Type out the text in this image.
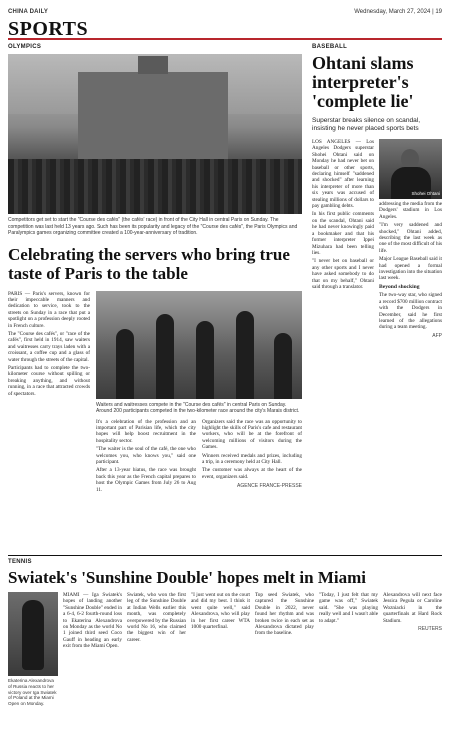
CHINA DAILY	Wednesday, March 27, 2024 | 19
SPORTS
OLYMPICS
Competitors get set to start the "Course des cafés" (the cafés' race) in front of the City Hall in central Paris on Sunday. The competition was last held 13 years ago. Such has been its popularity and legacy of the "Course des cafés", the Paris Olympics and Paralympics games organizing committee created a 100-year-anniversary of tradition.
Celebrating the servers who bring true taste of Paris to the table

PARIS — Paris's servers, known for their impeccable manners and dedication to service, took to the streets on Sunday in a race that put a spotlight on a profession deeply rooted in French culture.

The "Course des cafés", or "race of the cafés", first held in 1914, saw waiters and waitresses carry trays laden with a croissant, a coffee cup and a glass of water through the streets of the capital.

Participants had to complete the two-kilometer course without spilling or breaking anything, and without running, in a race that attracted crowds of spectators.

Waiters and waitresses compete in the "Course des cafés" in central Paris on Sunday. Around 200 participants competed in the two-kilometer race around the city's Marais district.

It's a celebration of the profession and an important part of Parisian life, which the city hopes will help boost recruitment in the hospitality sector.

"The waiter is the soul of the café, the one who welcomes you, who knows you," said one participant.

After a 13-year hiatus, the race was brought back this year as the French capital prepares to host the Olympic Games from July 26 to Aug 11.

Organizers said the race was an opportunity to highlight the skills of Paris's cafe and restaurant workers, who will be at the forefront of welcoming millions of visitors during the Games.

Winners received medals and prizes, including a trip, in a ceremony held at City Hall.

The customer was always at the heart of the event, organizers said.

AGENCE FRANCE-PRESSE
BASEBALL
Ohtani slams interpreter's 'complete lie'
Superstar breaks silence on scandal, insisting he never placed sports bets

LOS ANGELES — Los Angeles Dodgers superstar Shohei Ohtani said on Monday he had never bet on baseball or other sports, declaring himself "saddened and shocked" after learning his interpreter of more than six years was accused of stealing millions of dollars to pay gambling debts.

In his first public comments on the scandal, Ohtani said he had never knowingly paid a bookmaker and that his former interpreter Ippei Mizuhara had been telling lies.

"I never bet on baseball or any other sports and I never have asked somebody to do that on my behalf," Ohtani said through a translator.

Shohei Ohtani

addressing the media from the Dodgers' stadium in Los Angeles.

"I'm very saddened and shocked," Ohtani added, describing the last week as one of the most difficult of his life.

Major League Baseball said it had opened a formal investigation into the situation last week.

Beyond shocking

The two-way star, who signed a record $700 million contract with the Dodgers in December, said he first learned of the allegations during a team meeting.

AFP
TENNIS
Swiatek's 'Sunshine Double' hopes melt in Miami
Ekaterina Alexandrova of Russia reacts to her victory over Iga Swiatek of Poland at the Miami Open on Monday.

MIAMI — Iga Swiatek's hopes of landing another "Sunshine Double" ended in a 6-4, 6-2 fourth-round loss to Ekaterina Alexandrova on Monday as the world No 1 joined third seed Coco Gauff in heading an early exit from the Miami Open.

Swiatek, who won the first leg of the Sunshine Double at Indian Wells earlier this month, was completely overpowered by the Russian world No 16, who claimed the biggest win of her career.

"I just went out on the court and did my best. I think it went quite well," said Alexandrova, who will play in her first career WTA 1000 quarterfinal.

Top seed Swiatek, who captured the Sunshine Double in 2022, never found her rhythm and was broken twice in each set as Alexandrova dictated play from the baseline.

"Today, I just felt that my game was off," Swiatek said. "She was playing really well and I wasn't able to adapt."

Alexandrova will next face Jessica Pegula or Caroline Wozniacki in the quarterfinals at Hard Rock Stadium.

REUTERS
